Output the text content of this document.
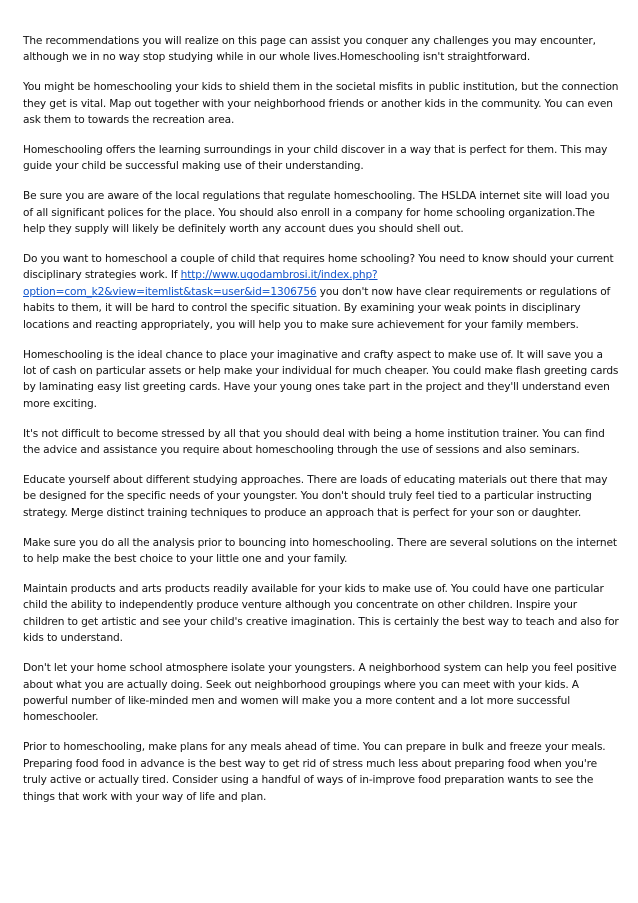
The recommendations you will realize on this page can assist you conquer any challenges you may encounter, although we in no way stop studying while in our whole lives.Homeschooling isn't straightforward.

You might be homeschooling your kids to shield them in the societal misfits in public institution, but the connection they get is vital. Map out together with your neighborhood friends or another kids in the community. You can even ask them to towards the recreation area.

Homeschooling offers the learning surroundings in your child discover in a way that is perfect for them. This may guide your child be successful making use of their understanding.

Be sure you are aware of the local regulations that regulate homeschooling. The HSLDA internet site will load you of all significant polices for the place. You should also enroll in a company for home schooling organization.The help they supply will likely be definitely worth any account dues you should shell out.

Do you want to homeschool a couple of child that requires home schooling? You need to know should your current disciplinary strategies work. If http://www.ugodambrosi.it/index.php?option=com_k2&view=itemlist&task=user&id=1306756 you don't now have clear requirements or regulations of habits to them, it will be hard to control the specific situation. By examining your weak points in disciplinary locations and reacting appropriately, you will help you to make sure achievement for your family members.

Homeschooling is the ideal chance to place your imaginative and crafty aspect to make use of. It will save you a lot of cash on particular assets or help make your individual for much cheaper. You could make flash greeting cards by laminating easy list greeting cards. Have your young ones take part in the project and they'll understand even more exciting.

It's not difficult to become stressed by all that you should deal with being a home institution trainer. You can find the advice and assistance you require about homeschooling through the use of sessions and also seminars.

Educate yourself about different studying approaches. There are loads of educating materials out there that may be designed for the specific needs of your youngster. You don't should truly feel tied to a particular instructing strategy. Merge distinct training techniques to produce an approach that is perfect for your son or daughter.

Make sure you do all the analysis prior to bouncing into homeschooling. There are several solutions on the internet to help make the best choice to your little one and your family.

Maintain products and arts products readily available for your kids to make use of. You could have one particular child the ability to independently produce venture although you concentrate on other children. Inspire your children to get artistic and see your child's creative imagination. This is certainly the best way to teach and also for kids to understand.

Don't let your home school atmosphere isolate your youngsters. A neighborhood system can help you feel positive about what you are actually doing. Seek out neighborhood groupings where you can meet with your kids. A powerful number of like-minded men and women will make you a more content and a lot more successful homeschooler.

Prior to homeschooling, make plans for any meals ahead of time. You can prepare in bulk and freeze your meals. Preparing food food in advance is the best way to get rid of stress much less about preparing food when you're truly active or actually tired. Consider using a handful of ways of in-improve food preparation wants to see the things that work with your way of life and plan.
